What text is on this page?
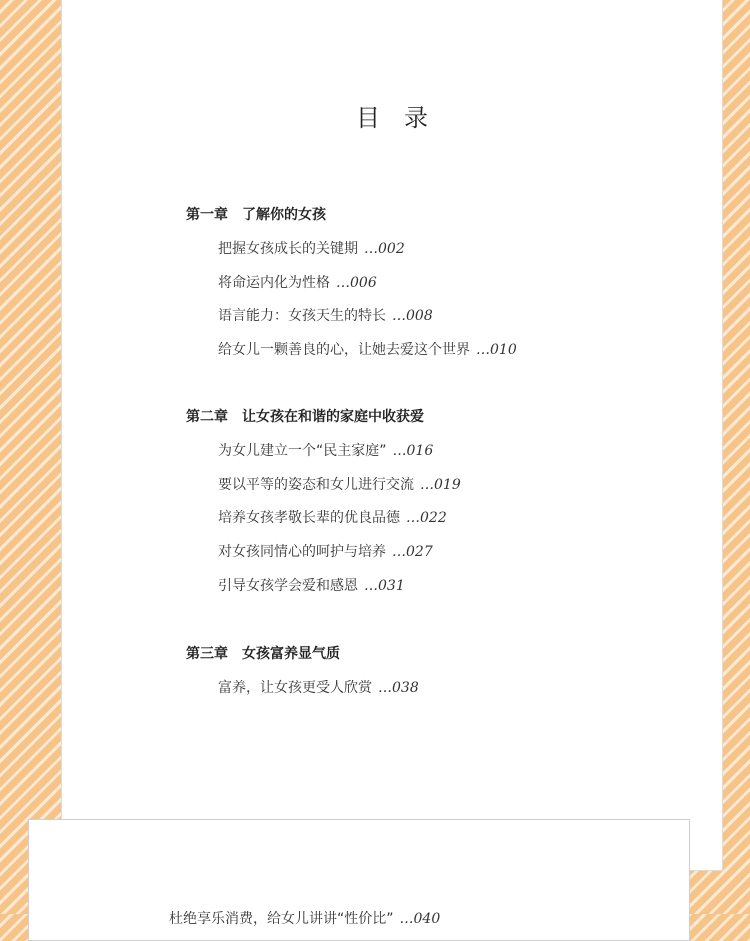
目 录
第一章 了解你的女孩
把握女孩成长的关键期 …002
将命运内化为性格 …006
语言能力：女孩天生的特长 …008
给女儿一颗善良的心，让她去爱这个世界 …010
第二章 让女孩在和谐的家庭中收获爱
为女儿建立一个“民主家庭” …016
要以平等的姿态和女儿进行交流 …019
培养女孩孝敬长辈的优良品德 …022
对女孩同情心的呵护与培养 …027
引导女孩学会爱和感恩 …031
第三章 女孩富养显气质
富养，让女孩更受人欣赏 …038
杜绝享乐消费，给女儿讲讲“性价比” …040
